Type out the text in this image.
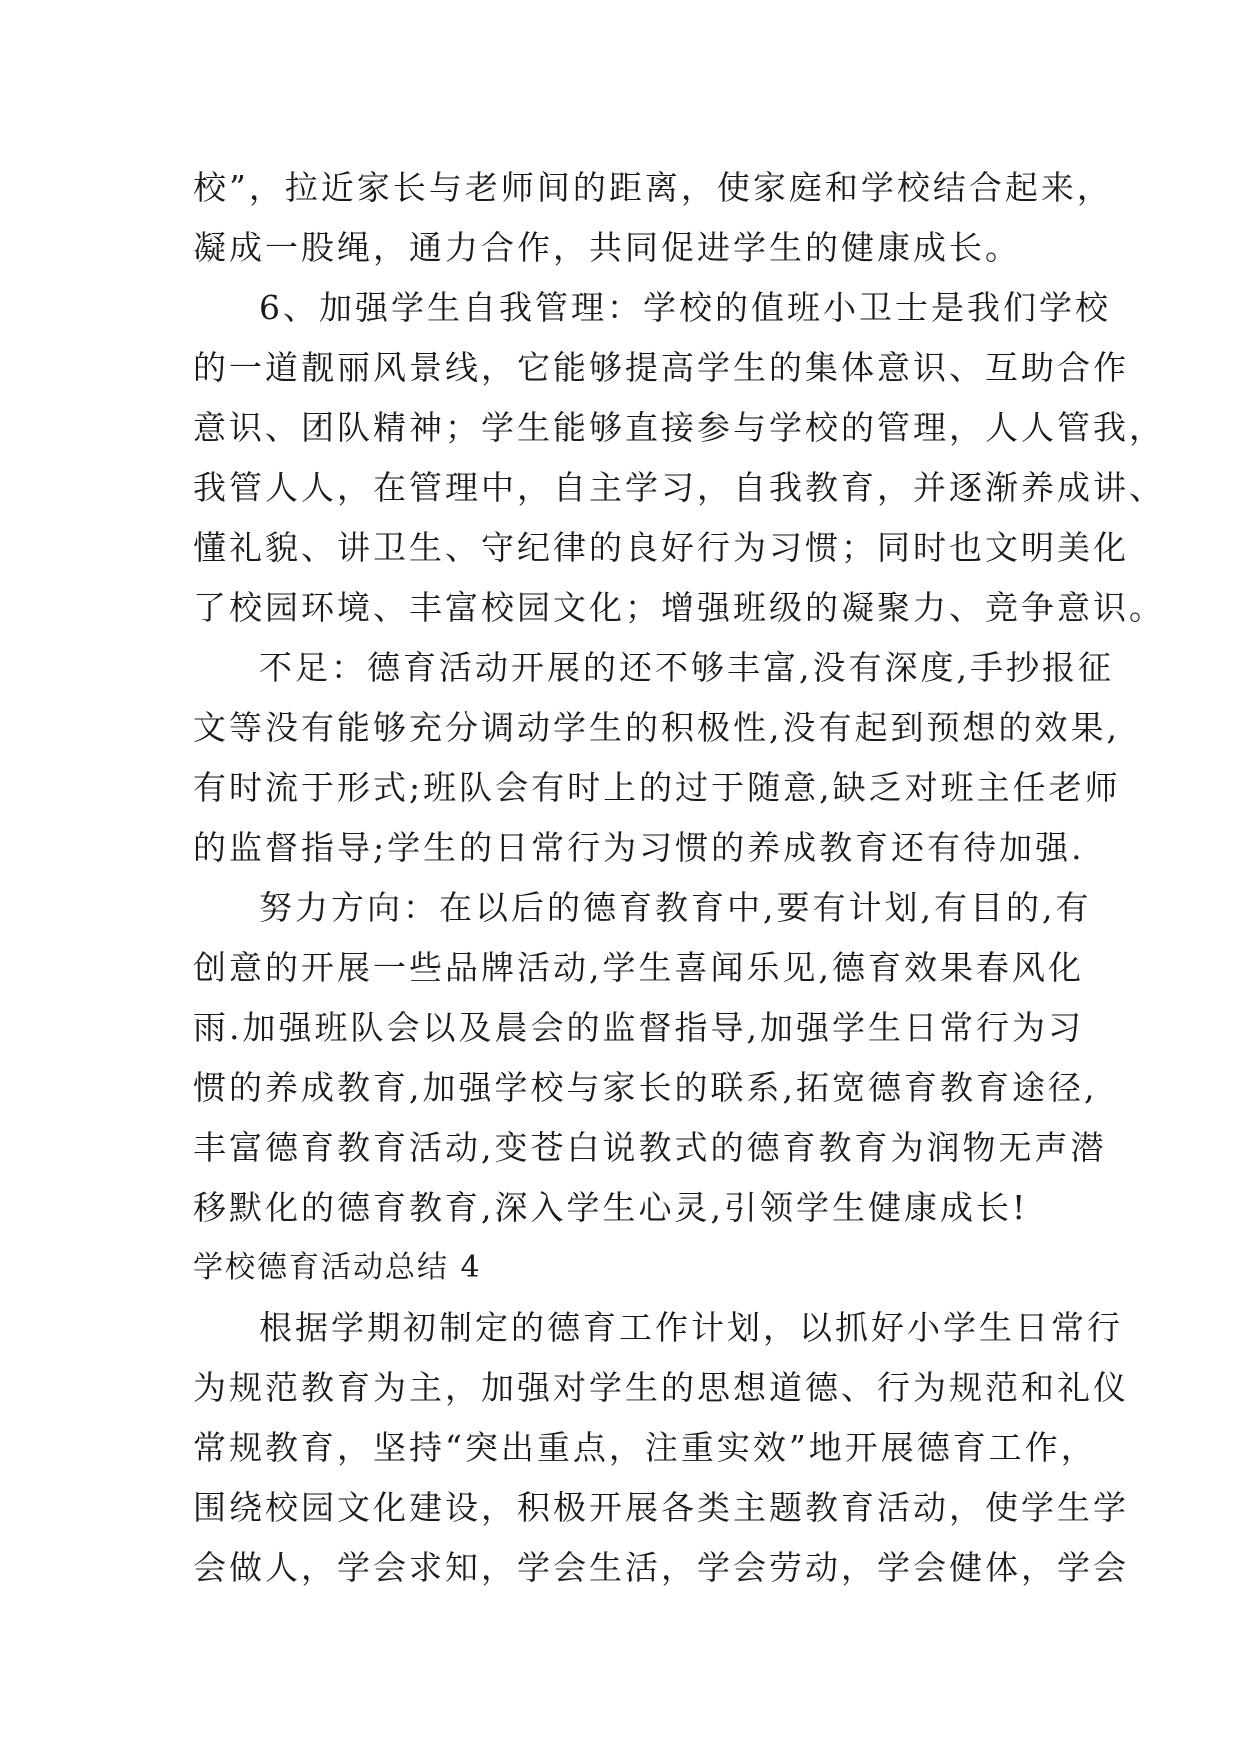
校”，拉近家长与老师间的距离，使家庭和学校结合起来，
凝成一股绳，通力合作，共同促进学生的健康成长。
6、加强学生自我管理：学校的值班小卫士是我们学校
的一道靓丽风景线，它能够提高学生的集体意识、互助合作
意识、团队精神；学生能够直接参与学校的管理，人人管我，
我管人人，在管理中，自主学习，自我教育，并逐渐养成讲、
懂礼貌、讲卫生、守纪律的良好行为习惯；同时也文明美化
了校园环境、丰富校园文化；增强班级的凝聚力、竞争意识。
不足：德育活动开展的还不够丰富,没有深度,手抄报征
文等没有能够充分调动学生的积极性,没有起到预想的效果,
有时流于形式;班队会有时上的过于随意,缺乏对班主任老师
的监督指导;学生的日常行为习惯的养成教育还有待加强.
努力方向：在以后的德育教育中,要有计划,有目的,有
创意的开展一些品牌活动,学生喜闻乐见,德育效果春风化
雨.加强班队会以及晨会的监督指导,加强学生日常行为习
惯的养成教育,加强学校与家长的联系,拓宽德育教育途径,
丰富德育教育活动,变苍白说教式的德育教育为润物无声潜
移默化的德育教育,深入学生心灵,引领学生健康成长!
学校德育活动总结 4
根据学期初制定的德育工作计划，以抓好小学生日常行
为规范教育为主，加强对学生的思想道德、行为规范和礼仪
常规教育，坚持“突出重点，注重实效”地开展德育工作，
围绕校园文化建设，积极开展各类主题教育活动，使学生学
会做人，学会求知，学会生活，学会劳动，学会健体，学会
